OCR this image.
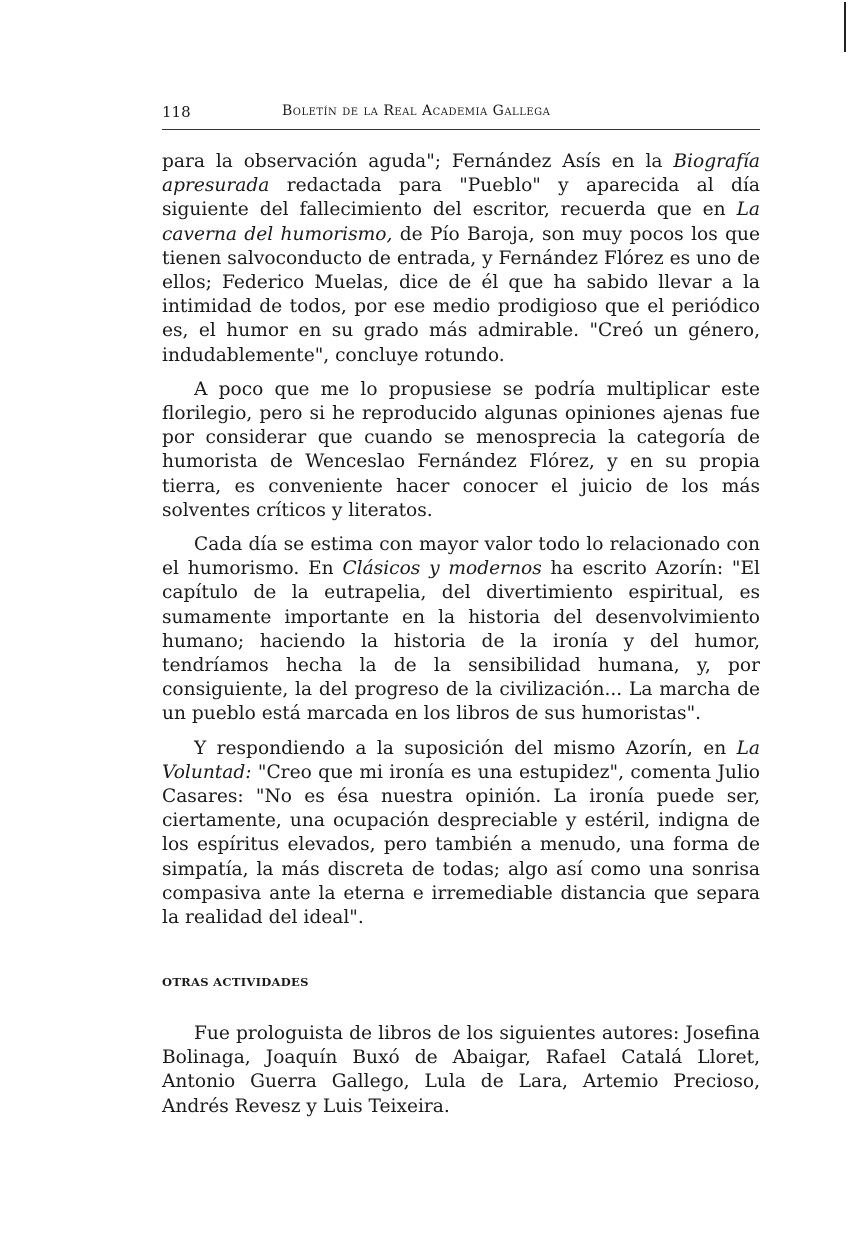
118	Boletín de la Real Academia Gallega

para la observación aguda"; Fernández Asís en la Biografía apresurada redactada para "Pueblo" y aparecida al día siguiente del fallecimiento del escritor, recuerda que en La caverna del humorismo, de Pío Baroja, son muy pocos los que tienen salvoconducto de entrada, y Fernández Flórez es uno de ellos; Federico Muelas, dice de él que ha sabido llevar a la intimidad de todos, por ese medio prodigioso que el periódico es, el humor en su grado más admirable. "Creó un género, indudablemente", concluye rotundo.

A poco que me lo propusiese se podría multiplicar este florilegio, pero si he reproducido algunas opiniones ajenas fue por considerar que cuando se menosprecia la categoría de humorista de Wenceslao Fernández Flórez, y en su propia tierra, es conveniente hacer conocer el juicio de los más solventes críticos y literatos.

Cada día se estima con mayor valor todo lo relacionado con el humorismo. En Clásicos y modernos ha escrito Azorín: "El capítulo de la eutrapelia, del divertimiento espiritual, es sumamente importante en la historia del desenvolvimiento humano; haciendo la historia de la ironía y del humor, tendríamos hecha la de la sensibilidad humana, y, por consiguiente, la del progreso de la civilización... La marcha de un pueblo está marcada en los libros de sus humoristas".

Y respondiendo a la suposición del mismo Azorín, en La Voluntad: "Creo que mi ironía es una estupidez", comenta Julio Casares: "No es ésa nuestra opinión. La ironía puede ser, ciertamente, una ocupación despreciable y estéril, indigna de los espíritus elevados, pero también a menudo, una forma de simpatía, la más discreta de todas; algo así como una sonrisa compasiva ante la eterna e irremediable distancia que separa la realidad del ideal".

OTRAS ACTIVIDADES

Fue prologuista de libros de los siguientes autores: Josefina Bolinaga, Joaquín Buxó de Abaigar, Rafael Catalá Lloret, Antonio Guerra Gallego, Lula de Lara, Artemio Precioso, Andrés Revesz y Luis Teixeira.
